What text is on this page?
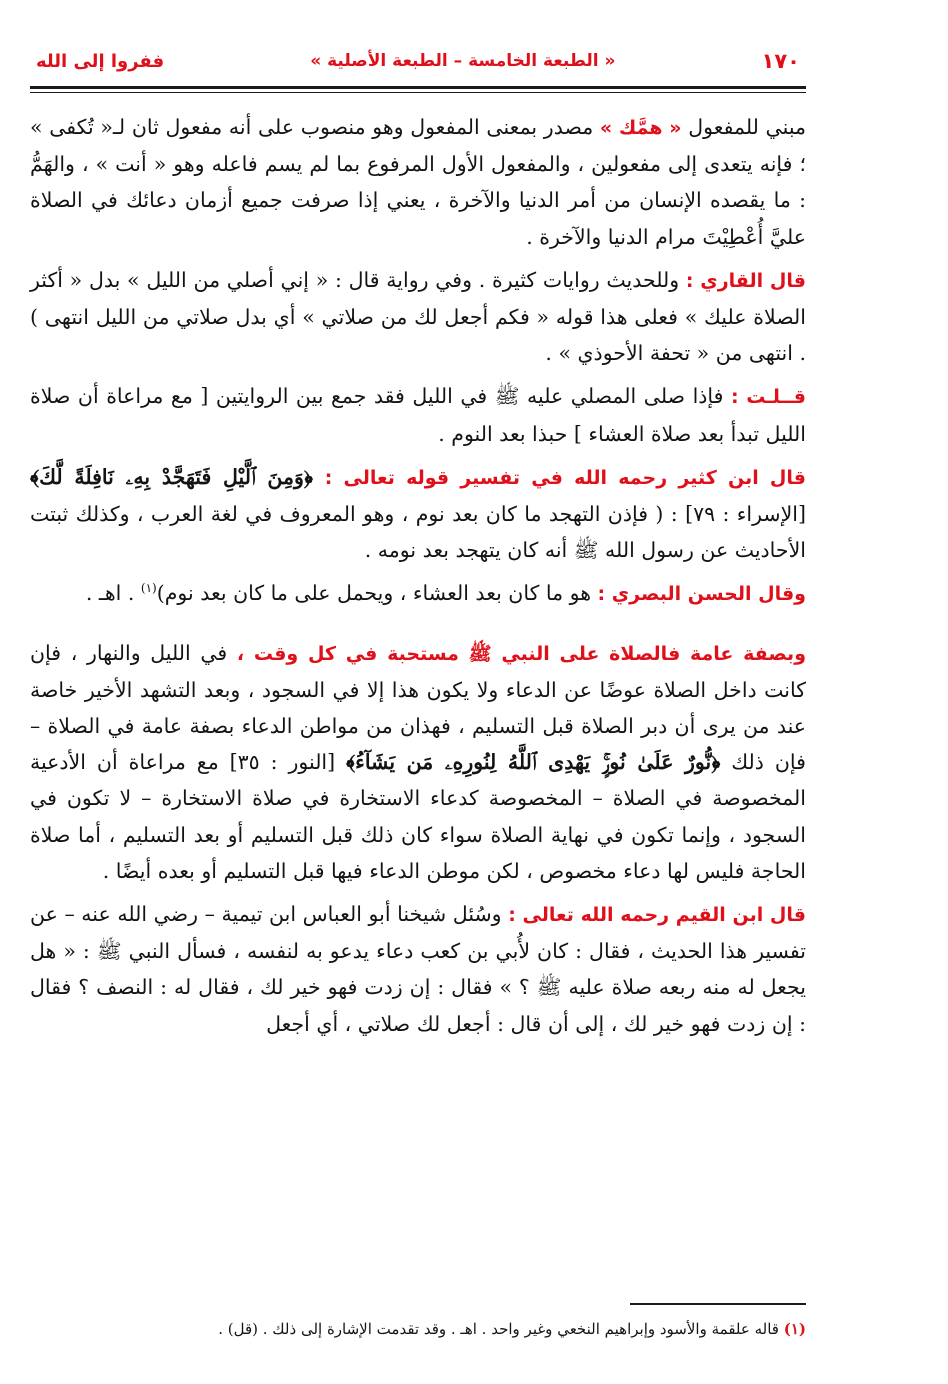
١٧٠
« الطبعة الخامسة – الطبعة الأصلية »
ففروا إلى الله

مبني للمفعول « همَّك » مصدر بمعنى المفعول وهو منصوب على أنه مفعول ثان لـ« تُكفى » ؛ فإنه يتعدى إلى مفعولين ، والمفعول الأول المرفوع بما لم يسم فاعله وهو « أنت » ، والهَمُّ : ما يقصده الإنسان من أمر الدنيا والآخرة ، يعني إذا صرفت جميع أزمان دعائك في الصلاة عليَّ أُعْطِيْتَ مرام الدنيا والآخرة .

قال القاري : وللحديث روايات كثيرة . وفي رواية قال : « إني أصلي من الليل » بدل « أكثر الصلاة عليك » فعلى هذا قوله « فكم أجعل لك من صلاتي » أي بدل صلاتي من الليل انتهى ) . انتهى من « تحفة الأحوذي » .

قــلـت : فإذا صلى المصلي عليه ﷺ في الليل فقد جمع بين الروايتين [ مع مراعاة أن صلاة الليل تبدأ بعد صلاة العشاء ] حبذا بعد النوم .

قال ابن كثير رحمه الله في تفسير قوله تعالى : ﴿وَمِنَ ٱلَّيْلِ فَتَهَجَّدْ بِهِۦ نَافِلَةً لَّكَ﴾ [الإسراء : ٧٩] : ( فإذن التهجد ما كان بعد نوم ، وهو المعروف في لغة العرب ، وكذلك ثبتت الأحاديث عن رسول الله ﷺ أنه كان يتهجد بعد نومه .

وقال الحسن البصري : هو ما كان بعد العشاء ، ويحمل على ما كان بعد نوم)$^{(١)}$ . اهـ .

وبصفة عامة فالصلاة على النبي ﷺ مستحبة في كل وقت ، في الليل والنهار ، فإن كانت داخل الصلاة عوضًا عن الدعاء ولا يكون هذا إلا في السجود ، وبعد التشهد الأخير خاصة عند من يرى أن دبر الصلاة قبل التسليم ، فهذان من مواطن الدعاء بصفة عامة في الصلاة – فإن ذلك ﴿نُّورٌ عَلَىٰ نُورٍۚ يَهْدِى ٱللَّهُ لِنُورِهِۦ مَن يَشَآءُ﴾ [النور : ٣٥] مع مراعاة أن الأدعية المخصوصة في الصلاة – المخصوصة كدعاء الاستخارة في صلاة الاستخارة – لا تكون في السجود ، وإنما تكون في نهاية الصلاة سواء كان ذلك قبل التسليم أو بعد التسليم ، أما صلاة الحاجة فليس لها دعاء مخصوص ، لكن موطن الدعاء فيها قبل التسليم أو بعده أيضًا .

قال ابن القيم رحمه الله تعالى : وسُئل شيخنا أبو العباس ابن تيمية – رضي الله عنه – عن تفسير هذا الحديث ، فقال : كان لأُبي بن كعب دعاء يدعو به لنفسه ، فسأل النبي ﷺ : « هل يجعل له منه ربعه صلاة عليه ﷺ ؟ » فقال : إن زدت فهو خير لك ، فقال له : النصف ؟ فقال : إن زدت فهو خير لك ، إلى أن قال : أجعل لك صلاتي ، أي أجعل

(١) قاله علقمة والأسود وإبراهيم النخعي وغير واحد . اهـ . وقد تقدمت الإشارة إلى ذلك . (قل) .
